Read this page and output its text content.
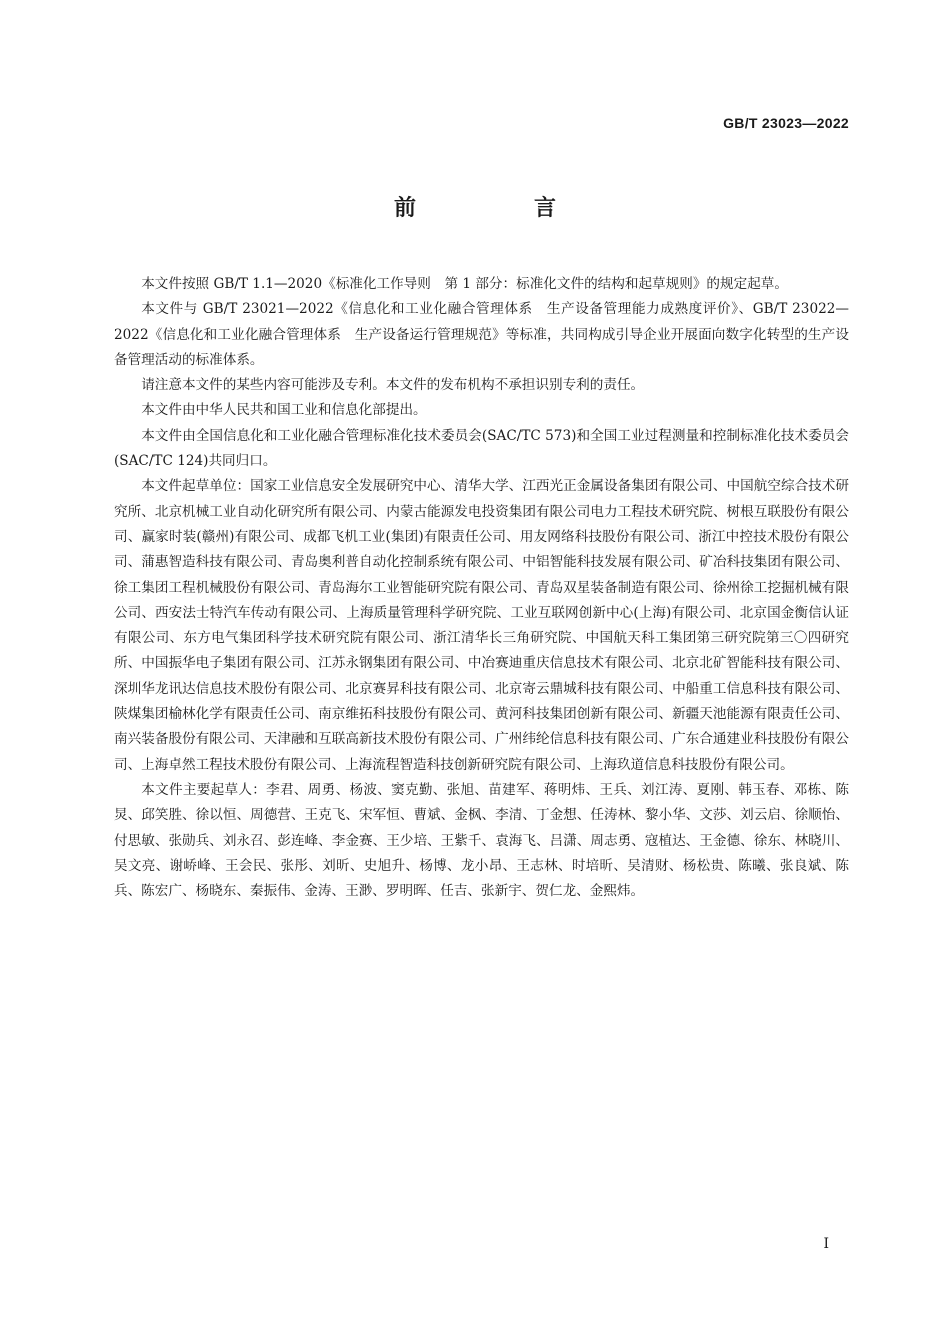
GB/T 23023—2022
前　言

本文件按照 GB/T 1.1—2020《标准化工作导则　第 1 部分：标准化文件的结构和起草规则》的规定起草。

本文件与 GB/T 23021—2022《信息化和工业化融合管理体系　生产设备管理能力成熟度评价》、GB/T 23022—2022《信息化和工业化融合管理体系　生产设备运行管理规范》等标准，共同构成引导企业开展面向数字化转型的生产设备管理活动的标准体系。

请注意本文件的某些内容可能涉及专利。本文件的发布机构不承担识别专利的责任。

本文件由中华人民共和国工业和信息化部提出。

本文件由全国信息化和工业化融合管理标准化技术委员会(SAC/TC 573)和全国工业过程测量和控制标准化技术委员会(SAC/TC 124)共同归口。

本文件起草单位：国家工业信息安全发展研究中心、清华大学、江西光正金属设备集团有限公司、中国航空综合技术研究所、北京机械工业自动化研究所有限公司、内蒙古能源发电投资集团有限公司电力工程技术研究院、树根互联股份有限公司、赢家时装(赣州)有限公司、成都飞机工业(集团)有限责任公司、用友网络科技股份有限公司、浙江中控技术股份有限公司、蒲惠智造科技有限公司、青岛奥利普自动化控制系统有限公司、中铝智能科技发展有限公司、矿冶科技集团有限公司、徐工集团工程机械股份有限公司、青岛海尔工业智能研究院有限公司、青岛双星装备制造有限公司、徐州徐工挖掘机械有限公司、西安法士特汽车传动有限公司、上海质量管理科学研究院、工业互联网创新中心(上海)有限公司、北京国金衡信认证有限公司、东方电气集团科学技术研究院有限公司、浙江清华长三角研究院、中国航天科工集团第三研究院第三〇四研究所、中国振华电子集团有限公司、江苏永钢集团有限公司、中冶赛迪重庆信息技术有限公司、北京北矿智能科技有限公司、深圳华龙讯达信息技术股份有限公司、北京赛昇科技有限公司、北京寄云鼎城科技有限公司、中船重工信息科技有限公司、陕煤集团榆林化学有限责任公司、南京维拓科技股份有限公司、黄河科技集团创新有限公司、新疆天池能源有限责任公司、南兴装备股份有限公司、天津融和互联高新技术股份有限公司、广州纬纶信息科技有限公司、广东合通建业科技股份有限公司、上海卓然工程技术股份有限公司、上海流程智造科技创新研究院有限公司、上海玖道信息科技股份有限公司。

本文件主要起草人：李君、周勇、杨波、窦克勤、张旭、苗建军、蒋明炜、王兵、刘江涛、夏刚、韩玉春、邓栋、陈炅、邱笑胜、徐以恒、周德营、王克飞、宋军恒、曹斌、金枫、李清、丁金想、任涛林、黎小华、文莎、刘云启、徐顺怡、付思敏、张勋兵、刘永召、彭连峰、李金赛、王少培、王紫千、袁海飞、吕潇、周志勇、寇植达、王金德、徐东、林晓川、吴文亮、谢峤峰、王会民、张彤、刘昕、史旭升、杨博、龙小昂、王志林、时培昕、吴清财、杨松贵、陈曦、张良斌、陈兵、陈宏广、杨晓东、秦振伟、金涛、王渺、罗明晖、任吉、张新宇、贺仁龙、金熙炜。

I
